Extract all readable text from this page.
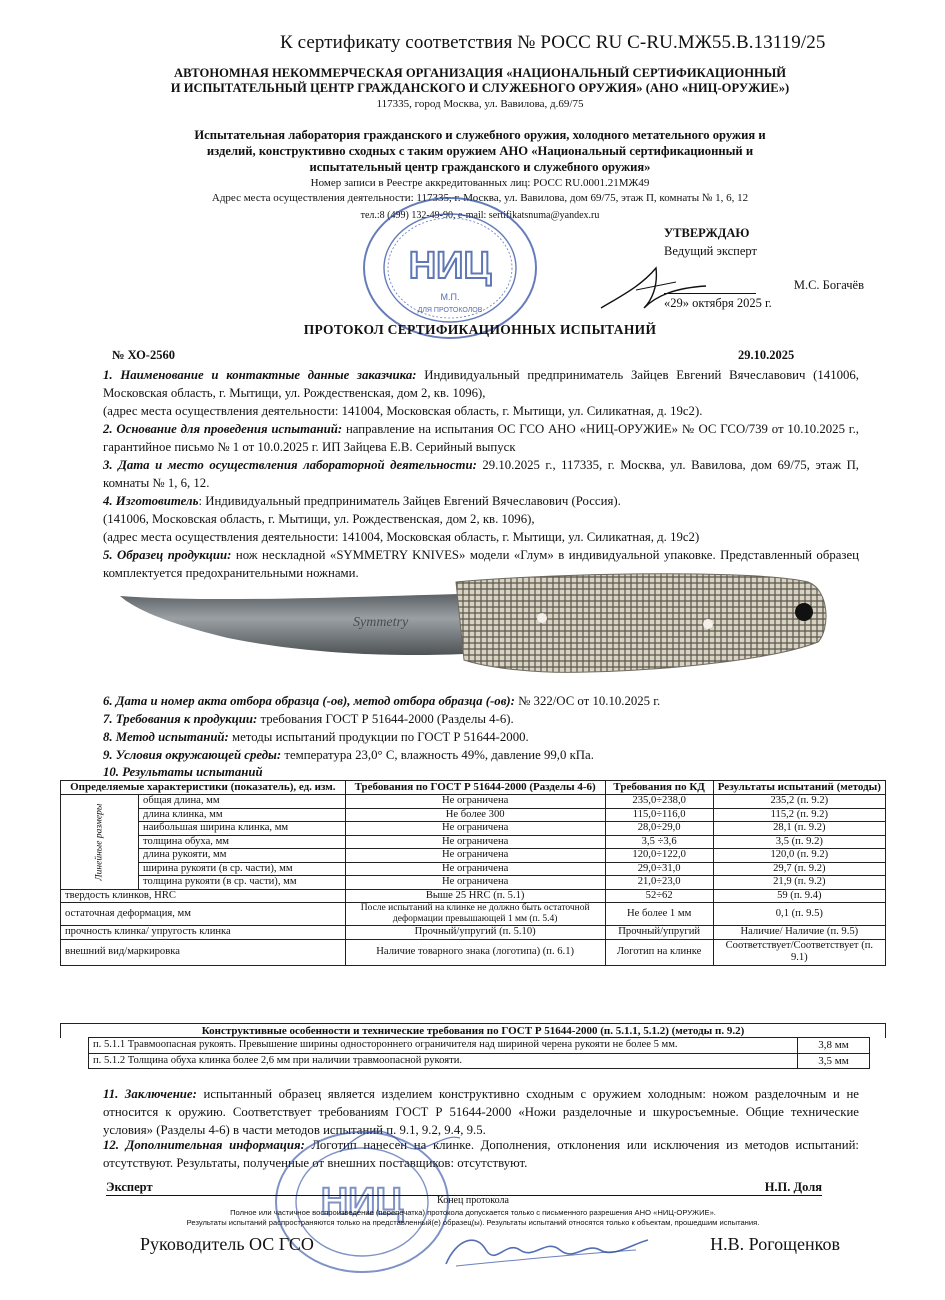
К сертификату соответствия № РОСС RU С-RU.МЖ55.В.13119/25
АВТОНОМНАЯ НЕКОММЕРЧЕСКАЯ ОРГАНИЗАЦИЯ «НАЦИОНАЛЬНЫЙ СЕРТИФИКАЦИОННЫЙ
И ИСПЫТАТЕЛЬНЫЙ ЦЕНТР ГРАЖДАНСКОГО И СЛУЖЕБНОГО ОРУЖИЯ» (АНО «НИЦ-ОРУЖИЕ»)
117335, город Москва, ул. Вавилова, д.69/75
Испытательная лаборатория гражданского и служебного оружия, холодного метательного оружия и
изделий, конструктивно сходных с таким оружием АНО «Национальный сертификационный и
испытательный центр гражданского и служебного оружия»
Номер записи в Реестре аккредитованных лиц: РОСС RU.0001.21МЖ49
Адрес места осуществления деятельности: 117335, г. Москва, ул. Вавилова, дом 69/75, этаж П, комнаты № 1, 6, 12
тел.:8 (499) 132-49-90, e-mail: sertifikatsnuma@yandex.ru
НИЦ
М.П.
ДЛЯ ПРОТОКОЛОВ
УТВЕРЖДАЮ
Ведущий эксперт
М.С. Богачёв
«29» октября 2025 г.
ПРОТОКОЛ СЕРТИФИКАЦИОННЫХ ИСПЫТАНИЙ
№ ХО-2560	29.10.2025
1. Наименование и контактные данные заказчика: Индивидуальный предприниматель Зайцев Евгений Вячеславович (141006, Московская область, г. Мытищи, ул. Рождественская, дом 2, кв. 1096),
(адрес места осуществления деятельности: 141004, Московская область, г. Мытищи, ул. Силикатная, д. 19с2).
2. Основание для проведения испытаний: направление на испытания ОС ГСО АНО «НИЦ-ОРУЖИЕ» № ОС ГСО/739 от 10.10.2025 г., гарантийное письмо № 1 от 10.0.2025 г. ИП Зайцева Е.В. Серийный выпуск
3. Дата и место осуществления лабораторной деятельности: 29.10.2025 г., 117335, г. Москва, ул. Вавилова, дом 69/75, этаж П, комнаты № 1, 6, 12.
4. Изготовитель: Индивидуальный предприниматель Зайцев Евгений Вячеславович (Россия).
(141006, Московская область, г. Мытищи, ул. Рождественская, дом 2, кв. 1096),
(адрес места осуществления деятельности: 141004, Московская область, г. Мытищи, ул. Силикатная, д. 19с2)
5. Образец продукции: нож нескладной «SYMMETRY KNIVES» модели «Глум» в индивидуальной упаковке. Представленный образец комплектуется предохранительными ножнами.
Symmetry
6. Дата и номер акта отбора образца (-ов), метод отбора образца (-ов): № 322/ОС от 10.10.2025 г.
7. Требования к продукции: требования ГОСТ Р 51644-2000 (Разделы 4-6).
8. Метод испытаний: методы испытаний продукции по ГОСТ Р 51644-2000.
9. Условия окружающей среды: температура 23,0° С, влажность 49%, давление 99,0 кПа.
10. Результаты испытаний
Определяемые характеристики (показатель), ед. изм.		Требования по ГОСТ Р 51644-2000 (Разделы 4-6)	Требования по КД	Результаты испытаний (методы)
Линейные размеры	общая длина, мм	Не ограничена	235,0÷238,0	235,2 (п. 9.2)
	длина клинка, мм	Не более 300	115,0÷116,0	115,2 (п. 9.2)
	наибольшая ширина клинка, мм	Не ограничена	28,0÷29,0	28,1 (п. 9.2)
	толщина обуха, мм	Не ограничена	3,5 ÷3,6	3,5 (п. 9.2)
	длина рукояти, мм	Не ограничена	120,0÷122,0	120,0 (п. 9.2)
	ширина рукояти (в ср. части), мм	Не ограничена	29,0÷31,0	29,7 (п. 9.2)
	толщина рукояти (в ср. части), мм	Не ограничена	21,0÷23,0	21,9 (п. 9.2)
твердость клинков, HRC		Выше 25 HRC (п. 5.1)	52÷62	59 (п. 9.4)
остаточная деформация, мм		После испытаний на клинке не должно быть остаточной деформации превышающей 1 мм (п. 5.4)	Не более 1 мм	0,1 (п. 9.5)
прочность клинка/ упругость клинка		Прочный/упругий (п. 5.10)	Прочный/упругий	Наличие/ Наличие (п. 9.5)
внешний вид/маркировка		Наличие товарного знака (логотипа) (п. 6.1)	Логотип на клинке	Соответствует/Соответствует (п. 9.1)
Конструктивные особенности и технические требования по ГОСТ Р 51644-2000 (п. 5.1.1, 5.1.2) (методы п. 9.2)
п. 5.1.1 Травмоопасная рукоять. Превышение ширины одностороннего ограничителя над шириной черена рукояти не более 5 мм.	3,8 мм
п. 5.1.2 Толщина обуха клинка более 2,6 мм при наличии травмоопасной рукояти.	3,5 мм
11. Заключение: испытанный образец является изделием конструктивно сходным с оружием холодным: ножом разделочным и не относится к оружию. Соответствует требованиям ГОСТ Р 51644-2000 «Ножи разделочные и шкуросъемные. Общие технические условия» (Разделы 4-6) в части методов испытаний п. 9.1, 9.2, 9.4, 9.5.
12. Дополнительная информация: Логотип нанесен на клинке. Дополнения, отклонения или исключения из методов испытаний: отсутствуют. Результаты, полученные от внешних поставщиков: отсутствуют.
НИЦ
Эксперт	Н.П. Доля
Конец протокола
Полное или частичное воспроизведение (перепечатка) протокола допускается только с письменного разрешения АНО «НИЦ-ОРУЖИЕ».
Результаты испытаний распространяются только на представленный(е) образец(ы). Результаты испытаний относятся только к объектам, прошедшим испытания.
Руководитель ОС ГСО	Н.В. Рогощенков
